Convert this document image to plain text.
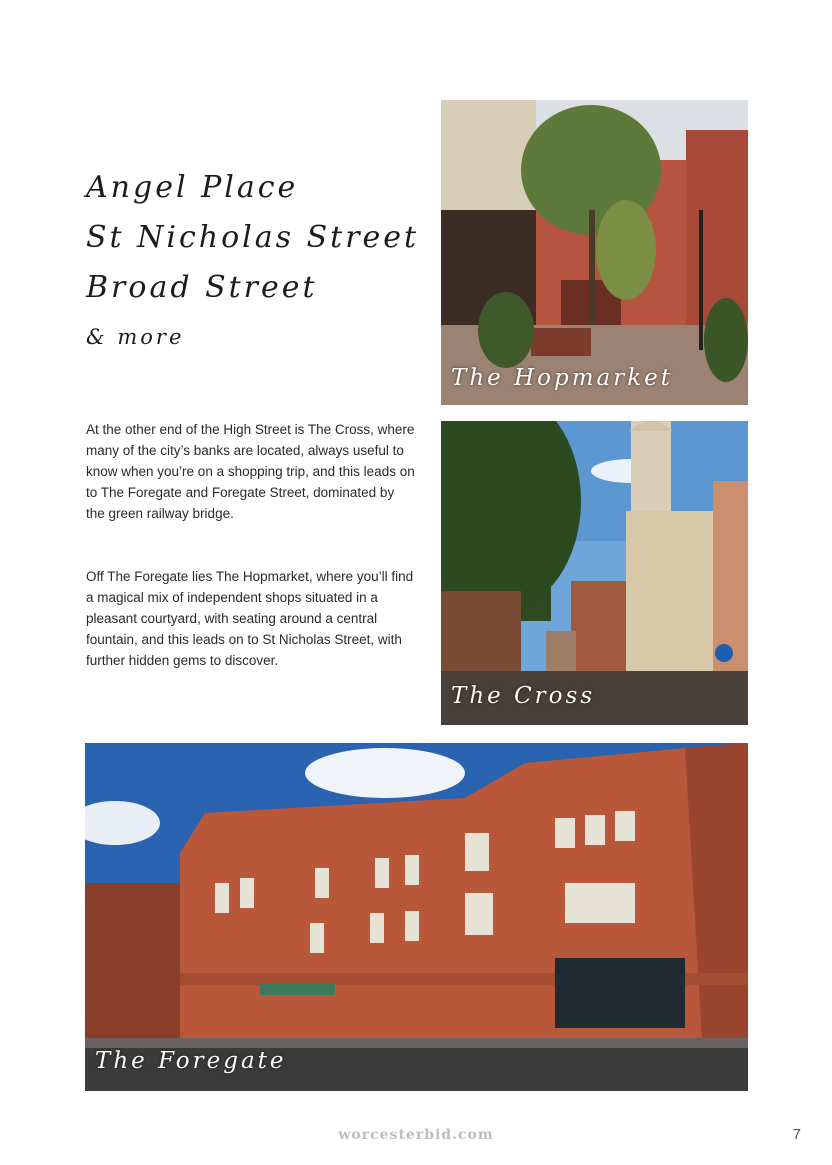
Angel Place
St Nicholas Street
Broad Street
& more

At the other end of the High Street is The Cross, where many of the city’s banks are located, always useful to know when you’re on a shopping trip, and this leads on to The Foregate and Foregate Street, dominated by the green railway bridge.

Off The Foregate lies The Hopmarket, where you’ll find a magical mix of independent shops situated in a pleasant courtyard, with seating around a central fountain, and this leads on to St Nicholas Street, with further hidden gems to discover.

The Hopmarket
The Cross
The Foregate
worcesterbid.com	7
